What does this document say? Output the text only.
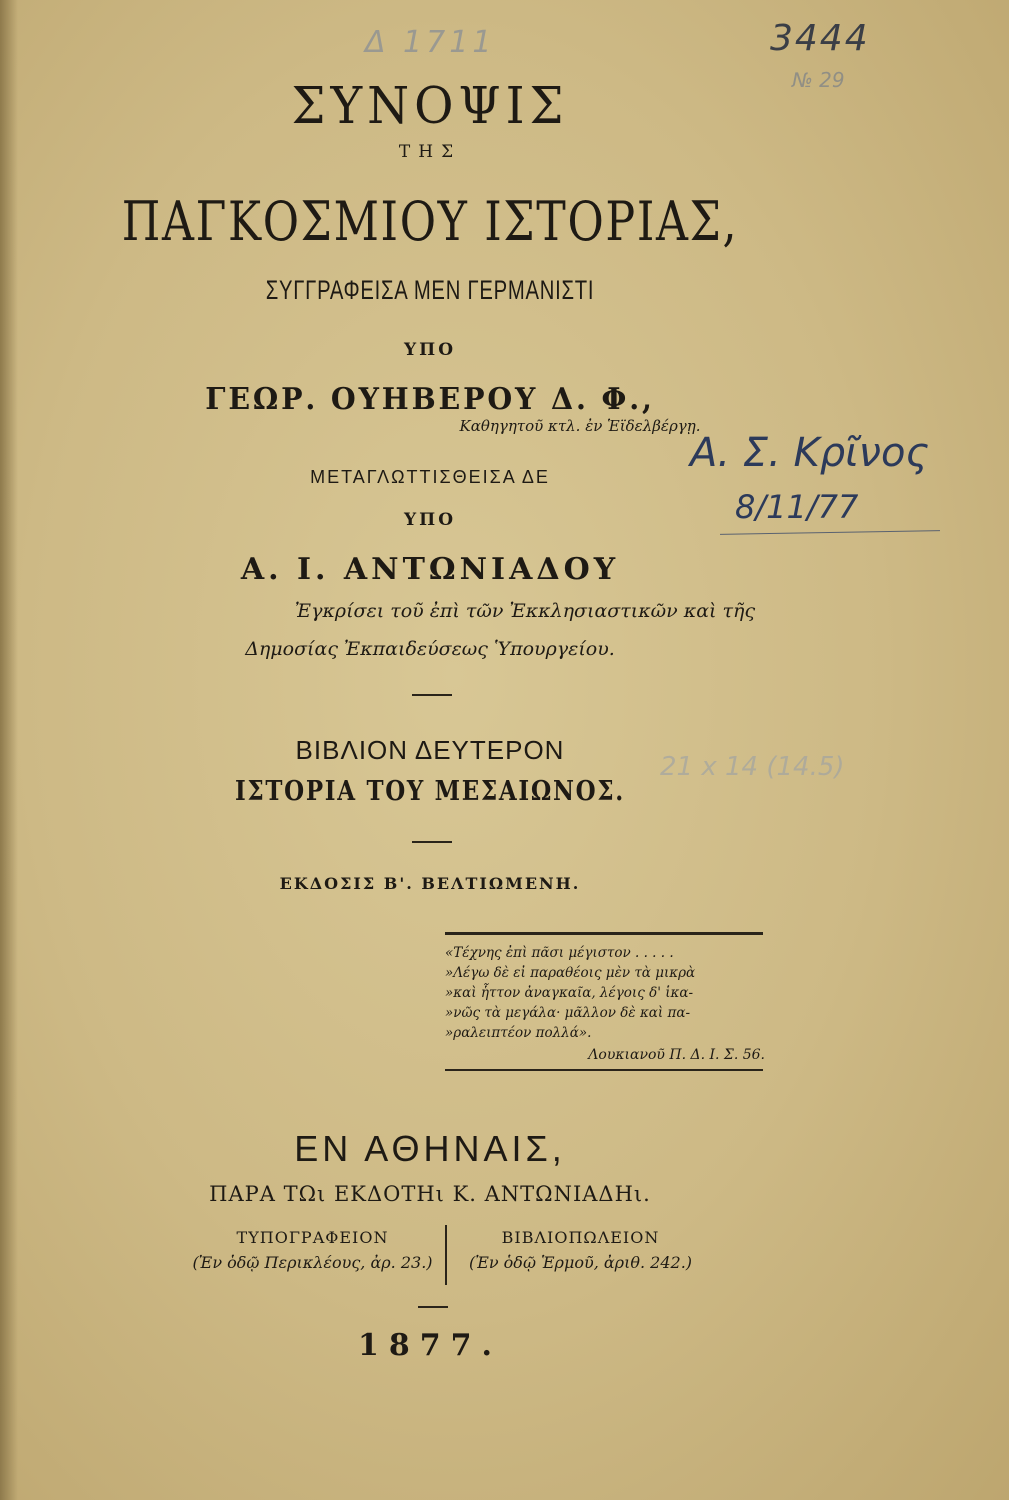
Δ 1711	3444
№ 29
Α. Σ. Κρῖνος
8/11/77
21 x 14 (14.5)
ΣΥΝΟΨΙΣ
ΤΗΣ
ΠΑΓΚΟΣΜΙΟΥ ΙΣΤΟΡΙΑΣ,
ΣΥΓΓΡΑΦΕΙΣΑ ΜΕΝ ΓΕΡΜΑΝΙΣΤΙ
ΥΠΟ
ΓΕΩΡ. ΟΥΗΒΕΡΟΥ Δ. Φ.,
Καθηγητοῦ κτλ. ἐν Ἑϊδελβέργῃ.
ΜΕΤΑΓΛΩΤΤΙΣΘΕΙΣΑ ΔΕ
ΥΠΟ
Α. Ι. ΑΝΤΩΝΙΑΔΟΥ
Ἐγκρίσει τοῦ ἐπὶ τῶν Ἐκκλησιαστικῶν καὶ τῆς
Δημοσίας Ἐκπαιδεύσεως Ὑπουργείου.
ΒΙΒΛΙΟΝ ΔΕΥΤΕΡΟΝ
ΙΣΤΟΡΙΑ ΤΟΥ ΜΕΣΑΙΩΝΟΣ.
ΕΚΔΟΣΙΣ Β'. ΒΕΛΤΙΩΜΕΝΗ.
«Τέχνης ἐπὶ πᾶσι μέγιστον . . . . .
»Λέγω δὲ εἰ παραθέοις μὲν τὰ μικρὰ
»καὶ ἧττον ἀναγκαῖα, λέγοις δ' ἱκα-
»νῶς τὰ μεγάλα· μᾶλλον δὲ καὶ πα-
»ραλειπτέον πολλά».
Λουκιανοῦ Π. Δ. Ι. Σ. 56.
ΕΝ ΑΘΗΝΑΙΣ,
ΠΑΡΑ ΤΩι ΕΚΔΟΤΗι Κ. ΑΝΤΩΝΙΑΔΗι.
ΤΥΠΟΓΡΑΦΕΙΟΝ
(Ἐν ὁδῷ Περικλέους, ἀρ. 23.)
ΒΙΒΛΙΟΠΩΛΕΙΟΝ
(Ἐν ὁδῷ Ἑρμοῦ, ἀριθ. 242.)
1877.
